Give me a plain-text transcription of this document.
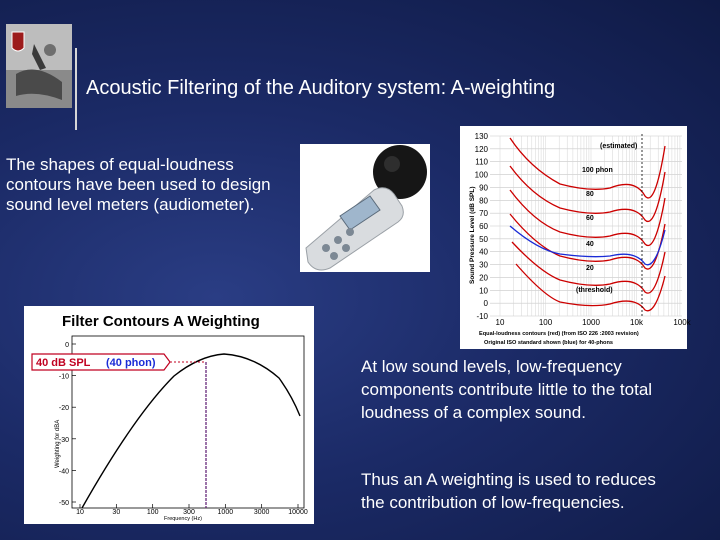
Acoustic Filtering of the Auditory system: A-weighting
The shapes of equal-loudness contours have been used to design sound level meters (audiometer).
130
120
110
100
90
80
70
60
50
40
30
20
10
0
-10
10	100	1000	10k	100k
Sound Pressure Level (dB SPL)
(estimated)
(threshold)
100 phon
80
60
40
20
Equal-loudness contours (red) (from ISO 226 :2003 revision)
Original ISO standard shown (blue) for 40-phons
Filter Contours A Weighting
0
-10
-20
-30
-40
-50
10	30	100	300	1000	3000	10000
40 dB SPL (40 phon)
Weighting for dBA
Frequency (Hz)
At low sound levels, low-frequency components contribute little to the total loudness of a complex sound.
Thus an A weighting is used to reduces the contribution of low-frequencies.
